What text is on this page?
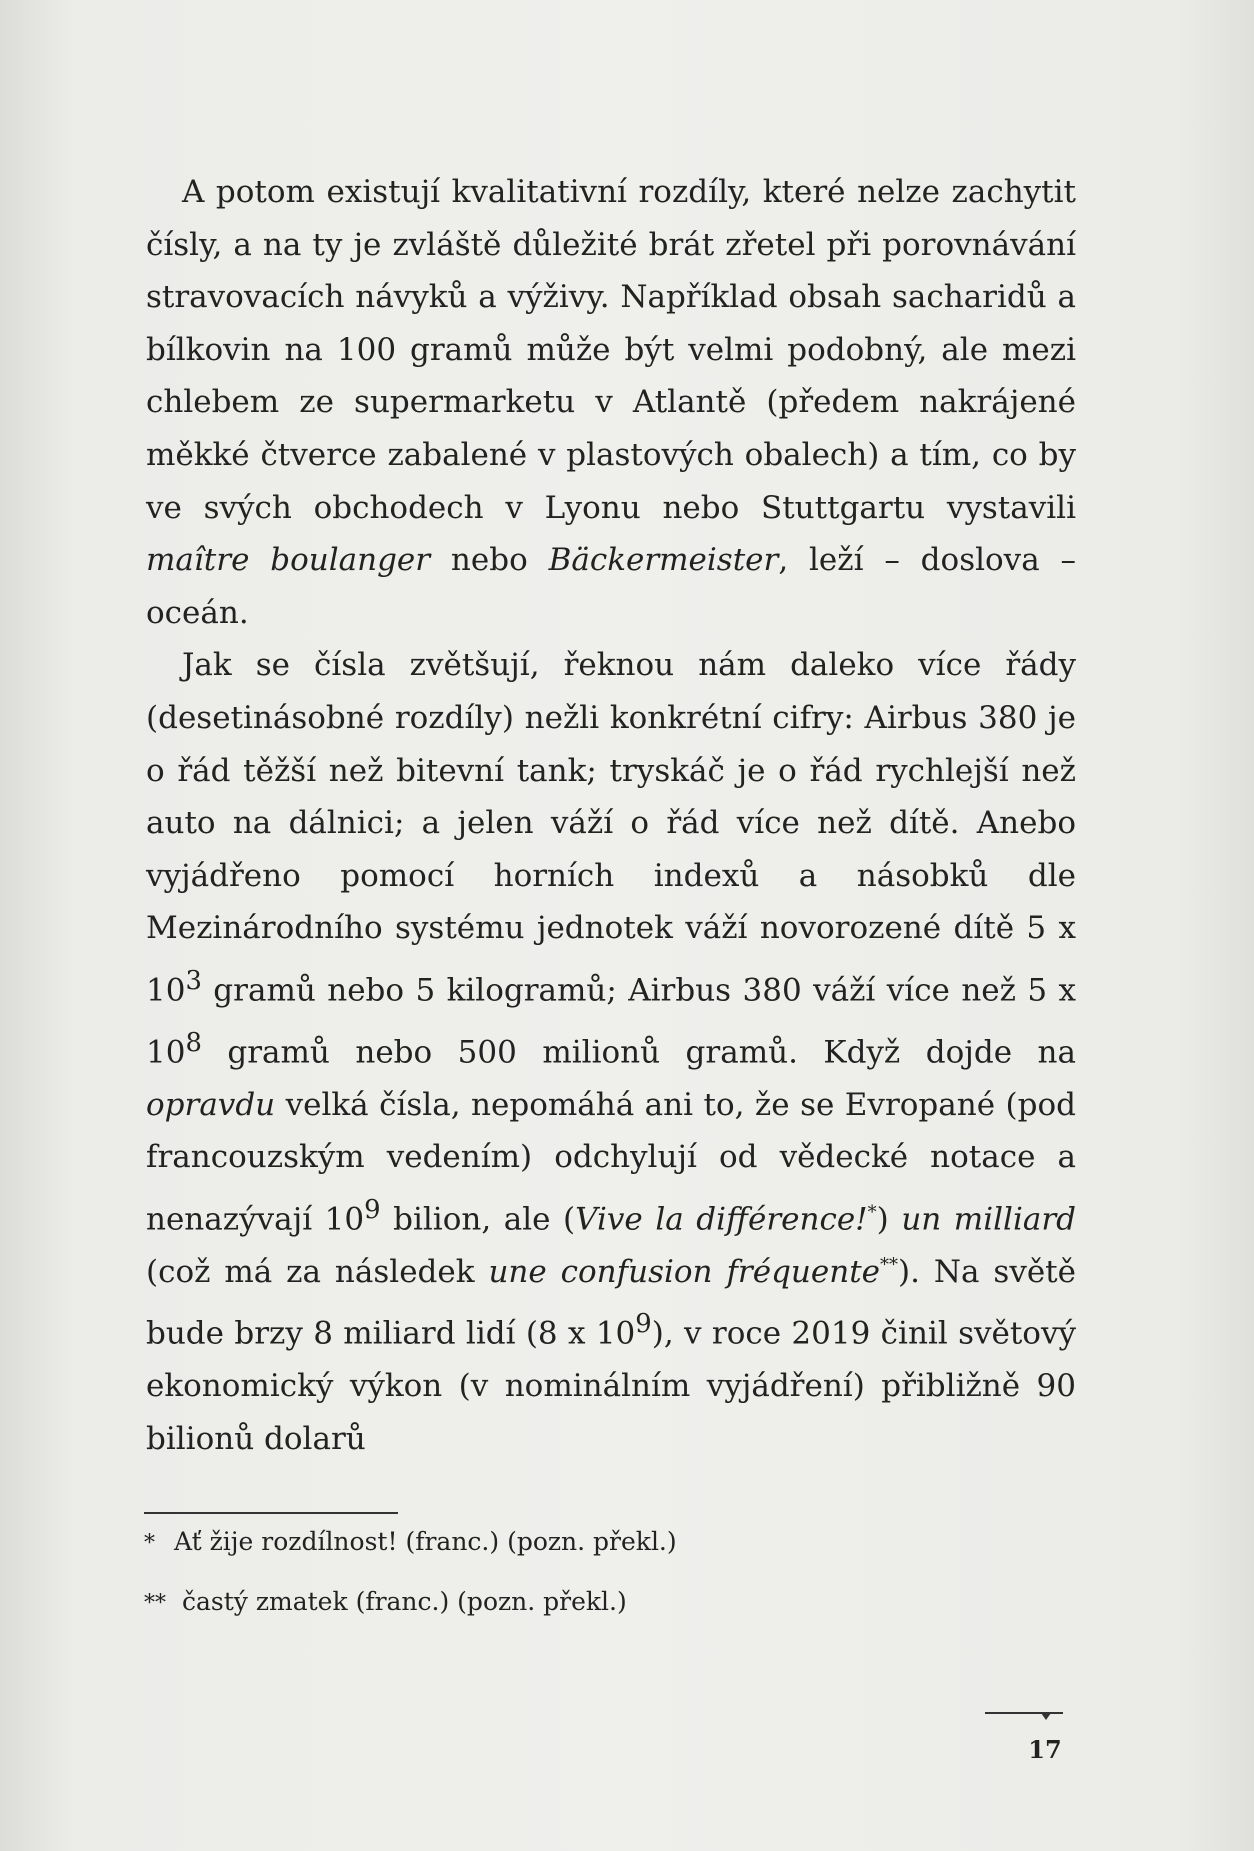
A potom existují kvalitativní rozdíly, které nelze zachytit čísly, a na ty je zvláště důležité brát zřetel při porovnávání stravovacích návyků a výživy. Například obsah sacharidů a bílkovin na 100 gramů může být velmi podobný, ale mezi chlebem ze supermarketu v Atlantě (předem nakrájené měkké čtverce zabalené v plastových obalech) a tím, co by ve svých obchodech v Lyonu nebo Stuttgartu vystavili maître boulanger nebo Bäckermeister, leží – doslova – oceán.

Jak se čísla zvětšují, řeknou nám daleko více řády (desetinásobné rozdíly) nežli konkrétní cifry: Airbus 380 je o řád těžší než bitevní tank; tryskáč je o řád rychlejší než auto na dálnici; a jelen váží o řád více než dítě. Anebo vyjádřeno pomocí horních indexů a násobků dle Mezinárodního systému jednotek váží novorozené dítě 5 x $10^3$ gramů nebo 5 kilogramů; Airbus 380 váží více než 5 x $10^8$ gramů nebo 500 milionů gramů. Když dojde na opravdu velká čísla, nepomáhá ani to, že se Evropané (pod francouzským vedením) odchylují od vědecké notace a nenazývají $10^9$ bilion, ale (Vive la différence!*) un milliard (což má za následek une confusion fréquente**). Na světě bude brzy 8 miliard lidí (8 x $10^9$), v roce 2019 činil světový ekonomický výkon (v nominálním vyjádření) přibližně 90 bilionů dolarů

* Ať žije rozdílnost! (franc.) (pozn. překl.)
** častý zmatek (franc.) (pozn. překl.)
17
